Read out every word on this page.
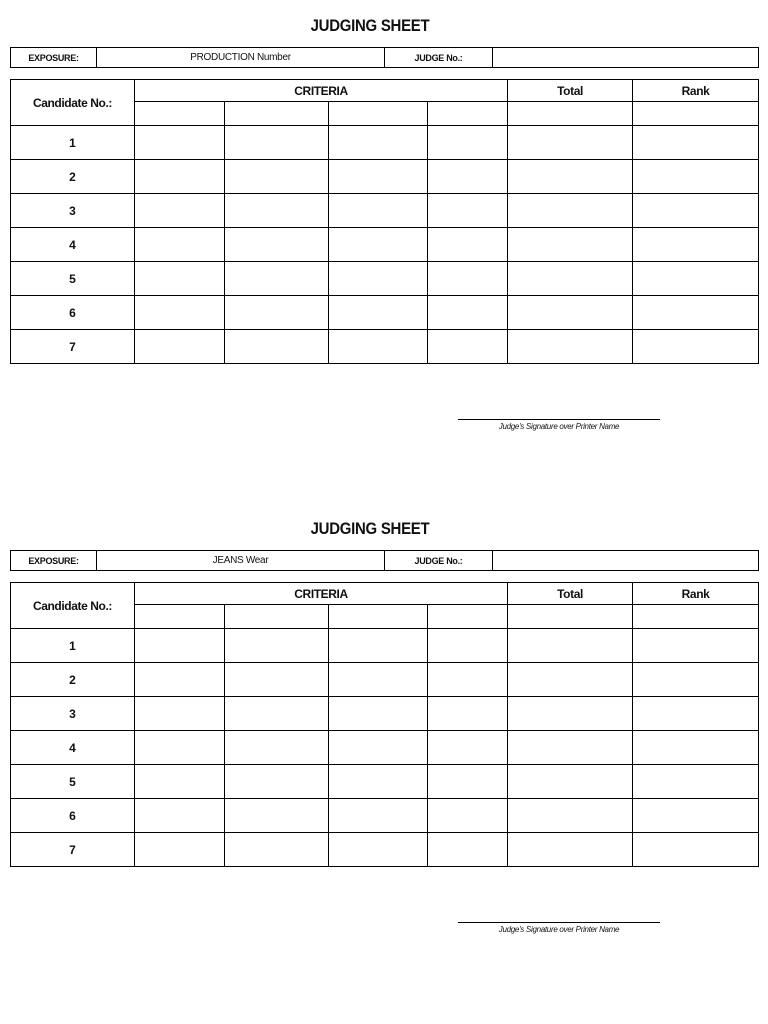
JUDGING SHEET
EXPOSURE:	PRODUCTION Number	JUDGE No.:	
Candidate No.:	CRITERIA				Total	Rank

1						
2						
3						
4						
5						
6						
7						
Judge's Signature over Printer Name
JUDGING SHEET
EXPOSURE:	JEANS Wear	JUDGE No.:	
Candidate No.:	CRITERIA				Total	Rank

1						
2						
3						
4						
5						
6						
7						
Judge's Signature over Printer Name
